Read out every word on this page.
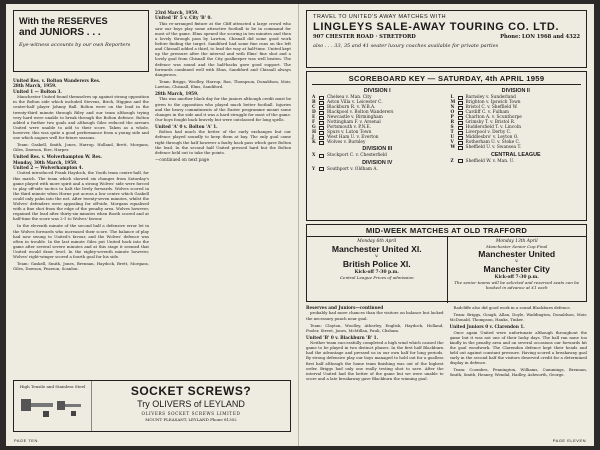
With the RESERVES
and JUNIORS . . .
Eye-witness accounts by our own Reporters
United Res. v. Bolton Wanderers Res.
28th March, 1959.
United 1 — Bolton 3.
Manchester United found themselves up against strong opposition in the Bolton side which included Stevens, Birch, Higgins and the centre-half player Johnny Ball. Bolton were on the lead in the twenty-third minute through Riley and our team although trying very hard were unable to break through the Bolton defence. Bolton added a further two goals and although Giles reduced the arrears United were unable to add to their score. Taken as a whole, however, this was quite a good performance from a young side and one which augurs well for future seasons.
Team: Gaskell, Smith, Jones, Harrop, Holland, Brett, Morgans, Giles, Dawson, Eire, Harper.
United Res. v. Wolverhampton W. Res.
Monday, 30th March, 1959.
United 2 — Wolverhampton 4.
United introduced Frank Haydock, the Youth team centre-half, for this match. The team which showed six changes from Saturday's game played with more spirit and a strong Wolves' side were forced to play off-side tactics to halt the lively forwards. Wolves scored in the third minute when Horne put across a low centre which Gaskell could only palm into the net. After twenty-seven minutes, whilst the Wolves' defenders were appealing for off-side, Morgans equalised with a fine shot from the edge of the penalty area. Wolves however, regained the lead after thirty-six minutes when Booth scored and at half-time the score was 2-1 to Wolves' favour.
In the eleventh minute of the second half a defensive error let in the Wolves forwards who increased their score. The balance of play had now swung to United's favour, and the Wolves' defence was often in trouble. In the last minute Giles put United back into the game after several severe minutes and at this stage it seemed that United would draw level. In the eighty-seventh minute however, Wolves' right-winger scored a fourth goal for his side.
Team: Gaskell, Smith, Jones, Brennan, Haydock, Brett, Morgans, Giles, Dawson, Pearson, Scanlon.
23rd March, 1959.
United 'B' 5 v. City 'B' 0.
This re-arranged fixture at the Cliff attracted a large crowd who saw our boys play some attractive football to be in command for most of the game. Elms opened the scoring in ten minutes and then a lovely through pass by Lawton, Chisnall did some good work before finding the target. Sandiford had some fine runs on the left and Chisnall added a third, to lead the way at half-time. United kept up the pressure after the interval and with Elms' fine shot and a lovely goal from Chisnall the City goalkeeper was well beaten. The defence was sound and the half-backs gave good support. The forwards combined well with Elms, Sandiford and Chisnall always dangerous.
Team: Briggs, Woolley, Harrop, Rae, Thompson, Donaldson, Moir, Lawton, Chisnall, Elms, Sandiford.
28th March, 1959.
This was another black day for the juniors although credit must be given to the opposition who played much better football. Injuries and the heavy commitments of the Easter programme meant some changes in the side and it was a hard struggle for most of the game. Our boys fought back bravely but were outclassed for long spells.
United 'A' 0 v. Bolton 'A' 1.
Bolton had much the better of the early exchanges but our defence played soundly to keep them at bay. The only goal came right through the half however a faulty back pass which gave Bolton the lead. In the second half United pressed hard but the Bolton defence held out to take the points.
—continued on next page
High Tensile and Stainless Steel	SOCKET SCREWS?
Try OLIVERS of LEYLAND
OLIVERS SOCKET SCREWS LIMITED
MOUNT PLEASANT, LEYLAND Phone 81302
PAGE TEN
TRAVEL TO UNITED'S AWAY MATCHES WITH
LINGLEYS SALE-AWAY TOURING CO. LTD.
907 CHESTER ROAD · STRETFORD	Phone: LON 1968 and 4322
also . . . 33, 35 and 41 seater luxury coaches available for private parties
SCOREBOARD KEY — SATURDAY, 4th APRIL 1959
DIVISION I
A	Chelsea v. Man. City
B	Aston Villa v. Leicester C.
C	Blackburn R. v. W.B.A.
D	Blackpool v. Bolton Wanderers
E	Newcastle v. Birmingham
F	Nottingham F. v. Arsenal
G	Portsmouth v. P.N.E.
H	Spurs v. Luton Town
J	West Ham U. v. Everton
K	Wolves v. Burnley
DIVISION III
X	Stockport C. v. Chesterfield
DIVISION IV
Y	Southport v. Oldham A.
DIVISION II
L	Barnsley v. Sunderland
M	Brighton v. Ipswich Town
N	Bristol C. v. Sheffield W.
O	Cardiff C. v. Fulham
P	Charlton A. v. Scunthorpe
R	Grimsby T. v. Bristol R.
S	Huddersfield T. v. Lincoln
T	Liverpool v. Derby C.
U	Middlesbro' v. Leyton O.
V	Rotherham U. v. Stoke C.
W	Sheffield U. v. Swansea T.
CENTRAL LEAGUE
Z	Sheffield W. v. Man. U.
MID-WEEK MATCHES AT OLD TRAFFORD
Monday 6th April
Manchester United XI.
v.
British Police XI.
Kick-off 7-30 p.m.
Central League Prices of admission
Monday 13th April
Manchester Senior Cup Final
Manchester United
v.
Manchester City
Kick-off 7-30 p.m.
The senior teams will be selected and reserved seats can be booked in advance at £1 each
Reserves and Juniors—continued
probably had more chances than the visitors on balance but lacked the necessary punch near goal.
Team: Clayton, Woolley, Atherley, English, Haydock, Holland, Pooler, Street, Jones, McMillan, Pauli, Clisham.
United 'B' 0 v. Blackburn 'B' 1.
Neither team successfully completed a high wind which caused the game to be played in two distinct phases. In the first half Blackburn had the advantage and pressed us in our own half for long periods. By strong defensive play our boys managed to hold out for a goalless first half although the home team finishing was out of the highest order. Briggs had only one really testing shot to save. After the interval United had the better of the game but we were unable to score and a late breakaway gave Blackburn the winning goal.
Radcliffe also did good work in a sound Blackburn defence.
Team: Briggs, Gough, Allan, Doyle, Waddington, Donaldson, Moir, McDonald, Thompson, Hanks, Tinker.
United Juniors 0 v. Clarendon 1.
Once again United were unfortunate although throughout the game but it was not one of their lucky days. The ball ran none too kindly in the penalty area and on several occasions our forwards hit the goal woodwork. The Clarendon defence kept their heads and held out against constant pressure. Having scored a breakaway goal early in the second half the visitors deserved credit for a determined display in defence.
Team: Coombes, Pennington, Williams, Cummings, Brennan, Smith, Smith, Heaney, Wendal, Hadley, Ashworth, George.
PAGE ELEVEN
